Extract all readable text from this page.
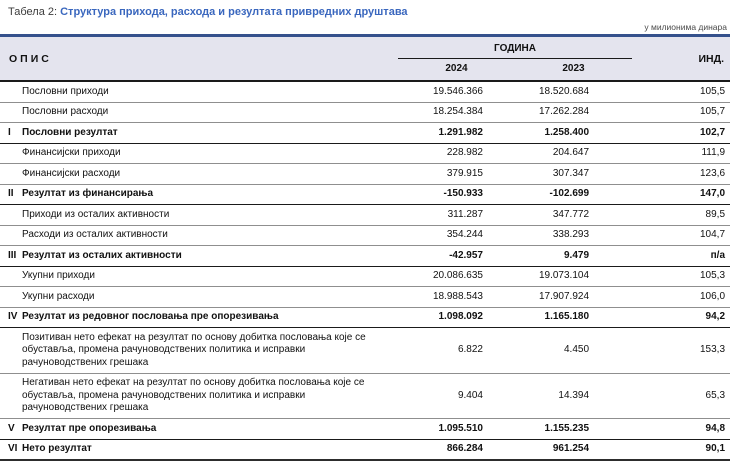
Табела 2: Структура прихода, расхода и резултата привредних друштава
у милионима динара
ОПИС		ГОДИНА		ИНД.
		2024	2023	
	Пословни приходи	19.546.366	18.520.684	105,5
	Пословни расходи	18.254.384	17.262.284	105,7
I	Пословни резултат	1.291.982	1.258.400	102,7
	Финансијски приходи	228.982	204.647	111,9
	Финансијски расходи	379.915	307.347	123,6
II	Резултат из финансирања	-150.933	-102.699	147,0
	Приходи из осталих активности	311.287	347.772	89,5
	Расходи из осталих активности	354.244	338.293	104,7
III	Резултат из осталих активности	-42.957	9.479	п/а
	Укупни приходи	20.086.635	19.073.104	105,3
	Укупни расходи	18.988.543	17.907.924	106,0
IV	Резултат из редовног пословања пре опорезивања	1.098.092	1.165.180	94,2
	Позитиван нето ефекат на резултат по основу добитка пословања које се обуставља, промена рачуноводствених политика и исправки рачуноводствених грешака	6.822	4.450	153,3
	Негативан нето ефекат на резултат по основу добитка пословања које се обуставља, промена рачуноводствених политика и исправки рачуноводствених грешака	9.404	14.394	65,3
V	Резултат пре опорезивања	1.095.510	1.155.235	94,8
VI	Нето резултат	866.284	961.254	90,1
